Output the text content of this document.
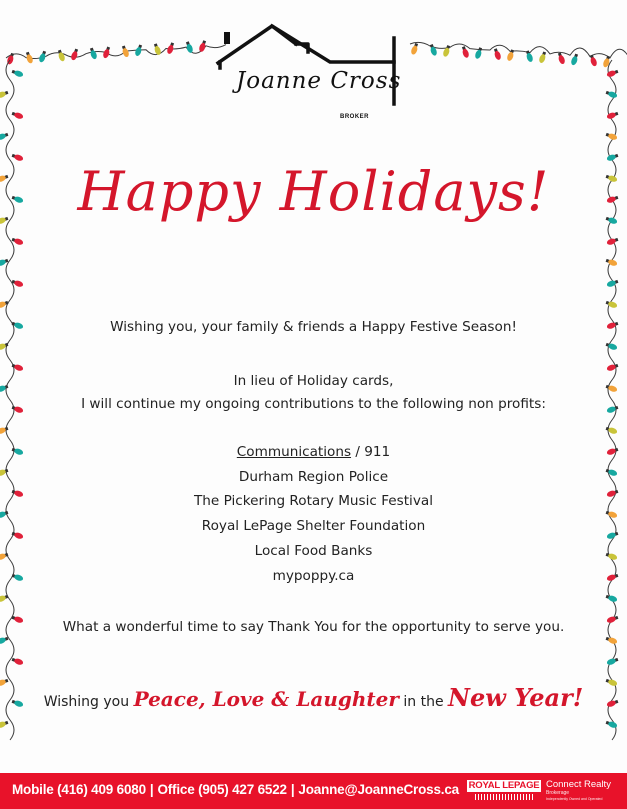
Joanne Cross
BROKER
Happy Holidays!
Wishing you, your family & friends a Happy Festive Season!
In lieu of Holiday cards,
I will continue my ongoing contributions to the following non profits:
Communications / 911
Durham Region Police
The Pickering Rotary Music Festival
Royal LePage Shelter Foundation
Local Food Banks
mypoppy.ca
What a wonderful time to say Thank You for the opportunity to serve you.
Wishing you Peace, Love & Laughter in the New Year!
Mobile (416) 409 6080 | Office (905) 427 6522 | Joanne@JoanneCross.ca	ROYAL LEPAGE Connect Realty
Brokerage
Independently Owned and Operated
